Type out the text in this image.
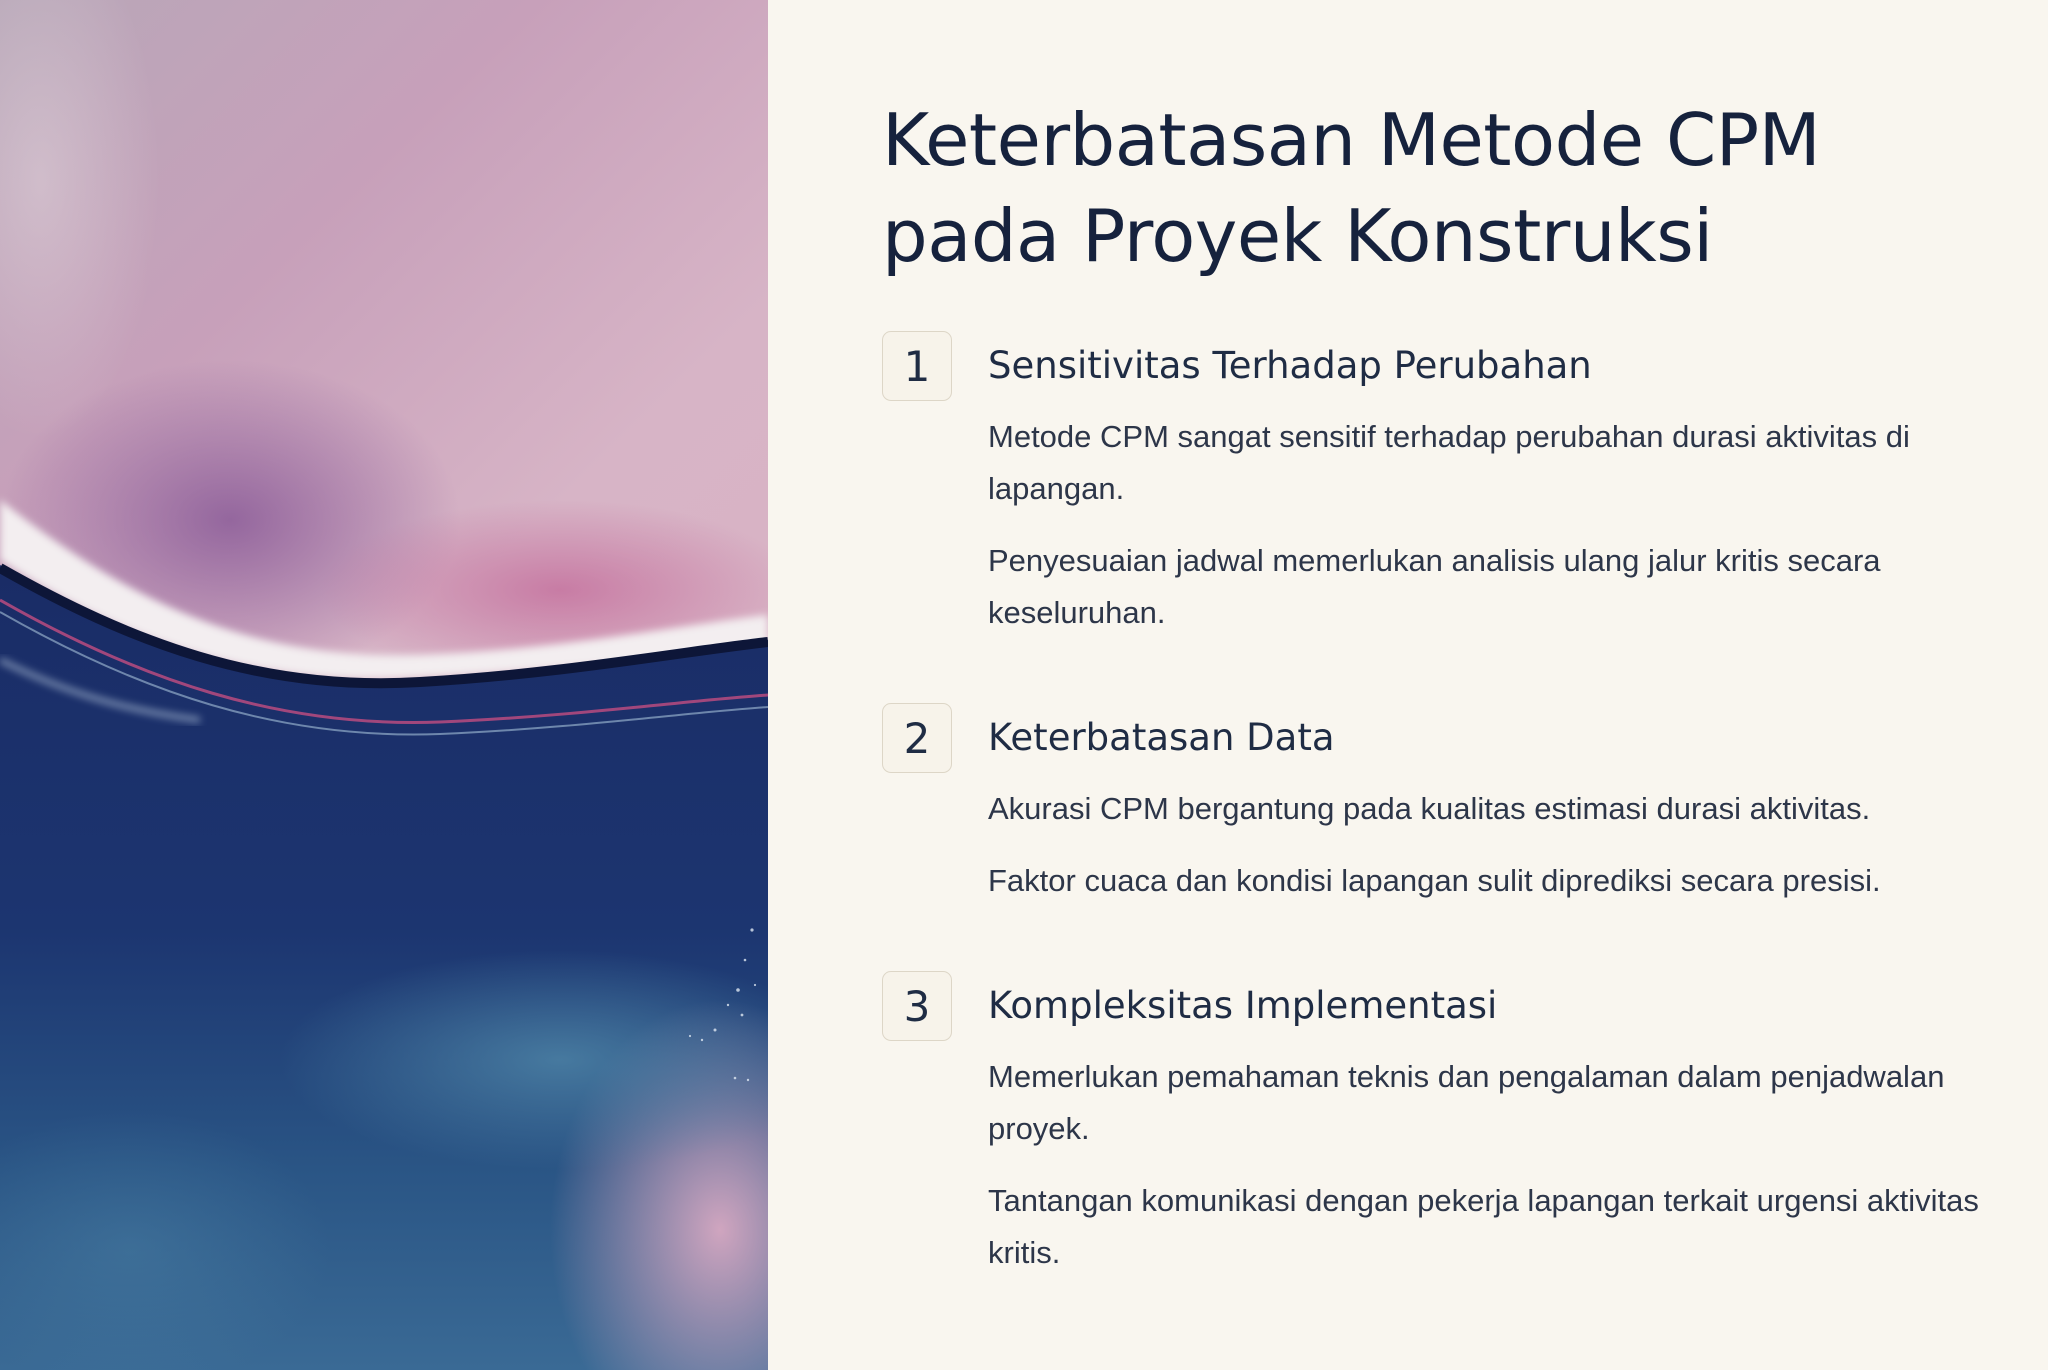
Keterbatasan Metode CPM
pada Proyek Konstruksi
1	Sensitivitas Terhadap Perubahan

Metode CPM sangat sensitif terhadap perubahan durasi aktivitas di lapangan.

Penyesuaian jadwal memerlukan analisis ulang jalur kritis secara keseluruhan.

2	Keterbatasan Data

Akurasi CPM bergantung pada kualitas estimasi durasi aktivitas.

Faktor cuaca dan kondisi lapangan sulit diprediksi secara presisi.

3	Kompleksitas Implementasi

Memerlukan pemahaman teknis dan pengalaman dalam penjadwalan proyek.

Tantangan komunikasi dengan pekerja lapangan terkait urgensi aktivitas kritis.
